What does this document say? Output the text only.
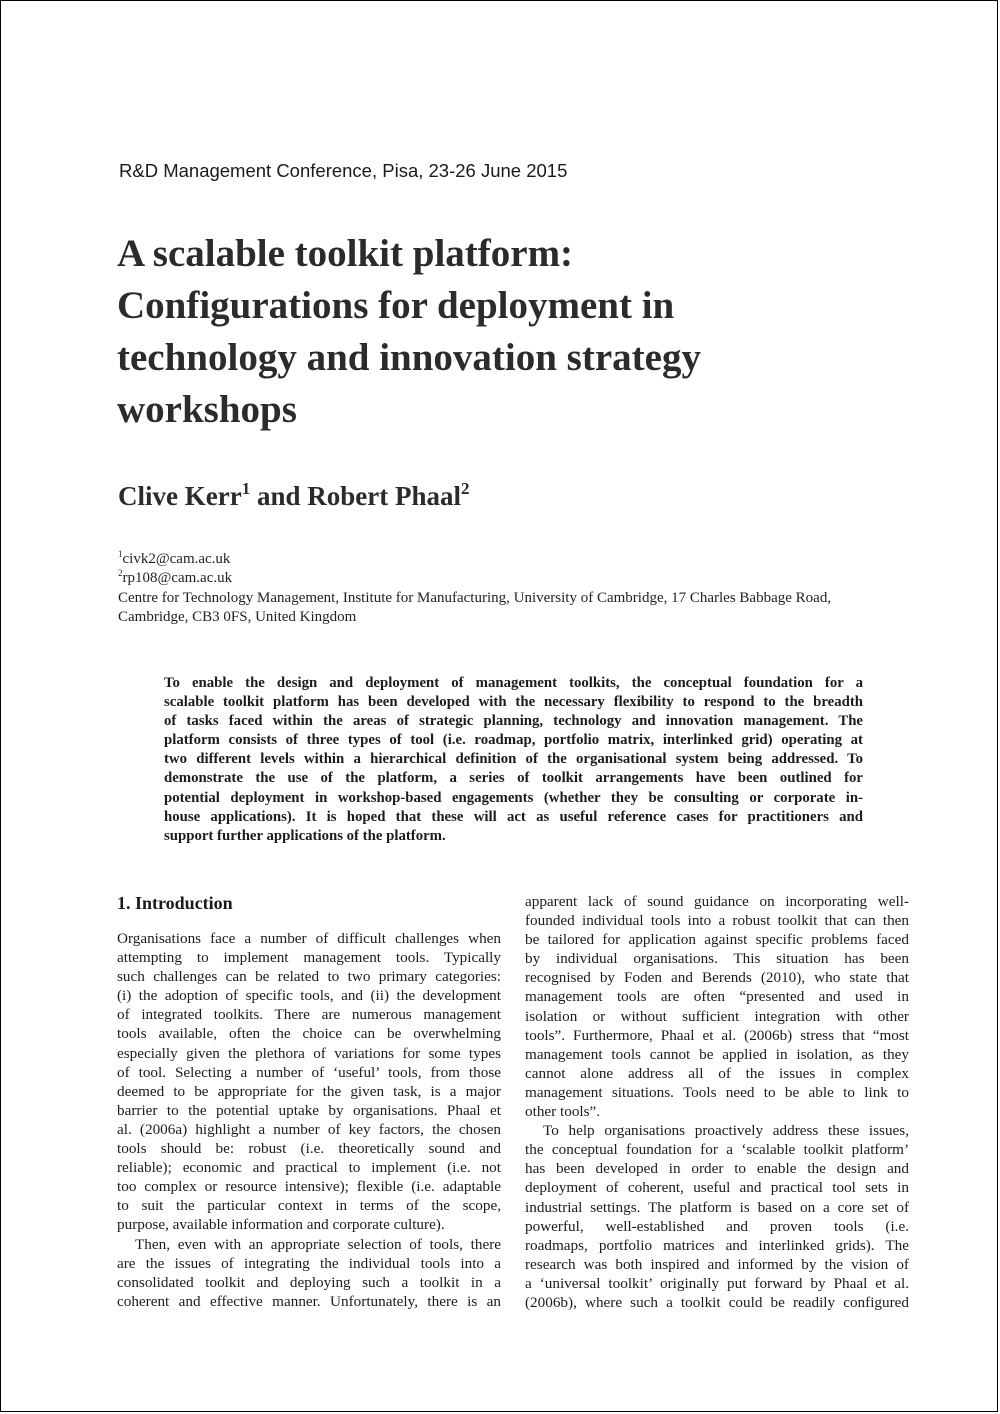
R&D Management Conference, Pisa, 23-26 June 2015
A scalable toolkit platform:
Configurations for deployment in
technology and innovation strategy
workshops
Clive Kerr$^1$ and Robert Phaal$^2$
$^1$civk2@cam.ac.uk
$^2$rp108@cam.ac.uk
Centre for Technology Management, Institute for Manufacturing, University of Cambridge, 17 Charles Babbage Road,
Cambridge, CB3 0FS, United Kingdom
To enable the design and deployment of management toolkits, the conceptual foundation for a
scalable toolkit platform has been developed with the necessary flexibility to respond to the breadth
of tasks faced within the areas of strategic planning, technology and innovation management. The
platform consists of three types of tool (i.e. roadmap, portfolio matrix, interlinked grid) operating at
two different levels within a hierarchical definition of the organisational system being addressed. To
demonstrate the use of the platform, a series of toolkit arrangements have been outlined for
potential deployment in workshop-based engagements (whether they be consulting or corporate in-
house applications). It is hoped that these will act as useful reference cases for practitioners and
support further applications of the platform.
1. Introduction
Organisations face a number of difficult challenges when
attempting to implement management tools. Typically
such challenges can be related to two primary categories:
(i) the adoption of specific tools, and (ii) the development
of integrated toolkits. There are numerous management
tools available, often the choice can be overwhelming
especially given the plethora of variations for some types
of tool. Selecting a number of ‘useful’ tools, from those
deemed to be appropriate for the given task, is a major
barrier to the potential uptake by organisations. Phaal et
al. (2006a) highlight a number of key factors, the chosen
tools should be: robust (i.e. theoretically sound and
reliable); economic and practical to implement (i.e. not
too complex or resource intensive); flexible (i.e. adaptable
to suit the particular context in terms of the scope,
purpose, available information and corporate culture).
Then, even with an appropriate selection of tools, there
are the issues of integrating the individual tools into a
consolidated toolkit and deploying such a toolkit in a
coherent and effective manner. Unfortunately, there is an
apparent lack of sound guidance on incorporating well-
founded individual tools into a robust toolkit that can then
be tailored for application against specific problems faced
by individual organisations. This situation has been
recognised by Foden and Berends (2010), who state that
management tools are often “presented and used in
isolation or without sufficient integration with other
tools”. Furthermore, Phaal et al. (2006b) stress that “most
management tools cannot be applied in isolation, as they
cannot alone address all of the issues in complex
management situations. Tools need to be able to link to
other tools”.
To help organisations proactively address these issues,
the conceptual foundation for a ‘scalable toolkit platform’
has been developed in order to enable the design and
deployment of coherent, useful and practical tool sets in
industrial settings. The platform is based on a core set of
powerful, well-established and proven tools (i.e.
roadmaps, portfolio matrices and interlinked grids). The
research was both inspired and informed by the vision of
a ‘universal toolkit’ originally put forward by Phaal et al.
(2006b), where such a toolkit could be readily configured
